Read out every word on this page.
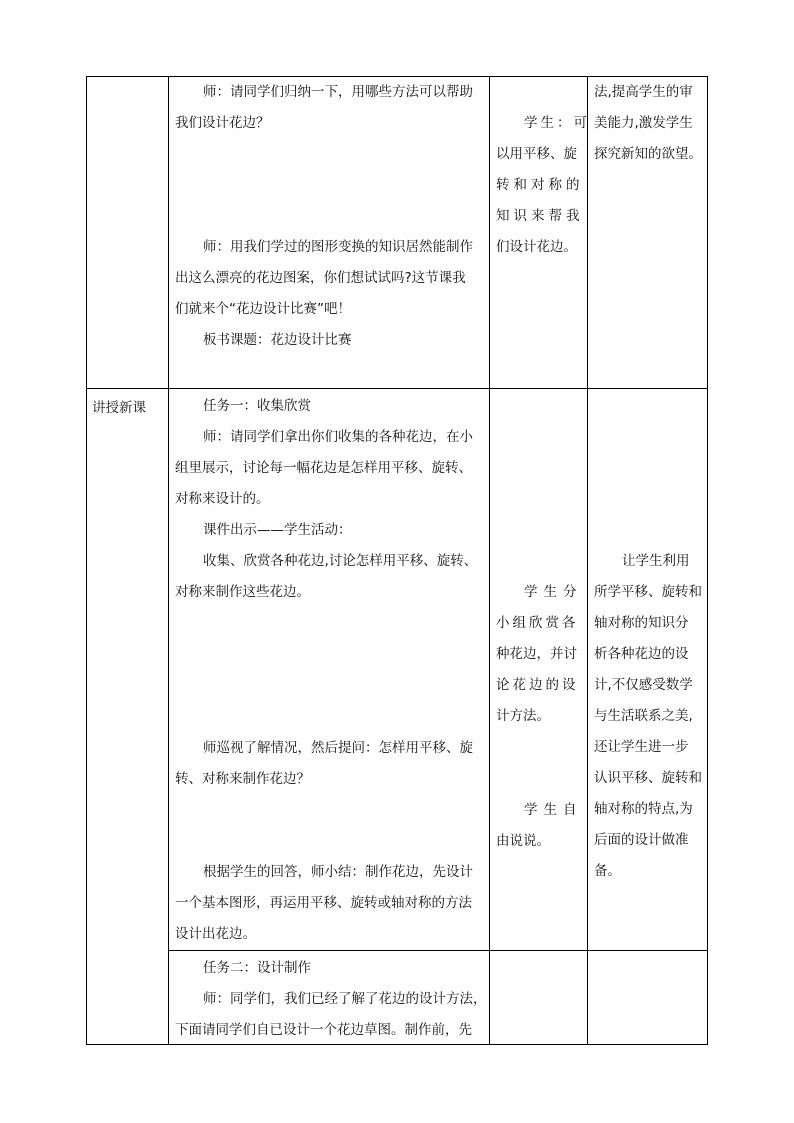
师：请同学们归纳一下，用哪些方法可以帮助

我们设计花边？

师：用我们学过的图形变换的知识居然能制作

出这么漂亮的花边图案，你们想试试吗?这节课我

们就来个“花边设计比赛”吧！

板书课题：花边设计比赛

学生：可

以用平移、旋

转和对称的

知识来帮我

们设计花边。

法,提高学生的审

美能力,激发学生

探究新知的欲望。

讲授新课	任务一：收集欣赏

师：请同学们拿出你们收集的各种花边，在小

组里展示，讨论每一幅花边是怎样用平移、旋转、

对称来设计的。

课件出示——学生活动：

收集、欣赏各种花边,讨论怎样用平移、旋转、

对称来制作这些花边。

师巡视了解情况，然后提问：怎样用平移、旋

转、对称来制作花边？

根据学生的回答，师小结：制作花边，先设计

一个基本图形，再运用平移、旋转或轴对称的方法

设计出花边。

学生分

小组欣赏各

种花边，并讨

论花边的设

计方法。

学生自

由说说。

让学生利用

所学平移、旋转和

轴对称的知识分

析各种花边的设

计,不仅感受数学

与生活联系之美,

还让学生进一步

认识平移、旋转和

轴对称的特点,为

后面的设计做准

备。

任务二：设计制作

师：同学们，我们已经了解了花边的设计方法，

下面请同学们自已设计一个花边草图。制作前，先
